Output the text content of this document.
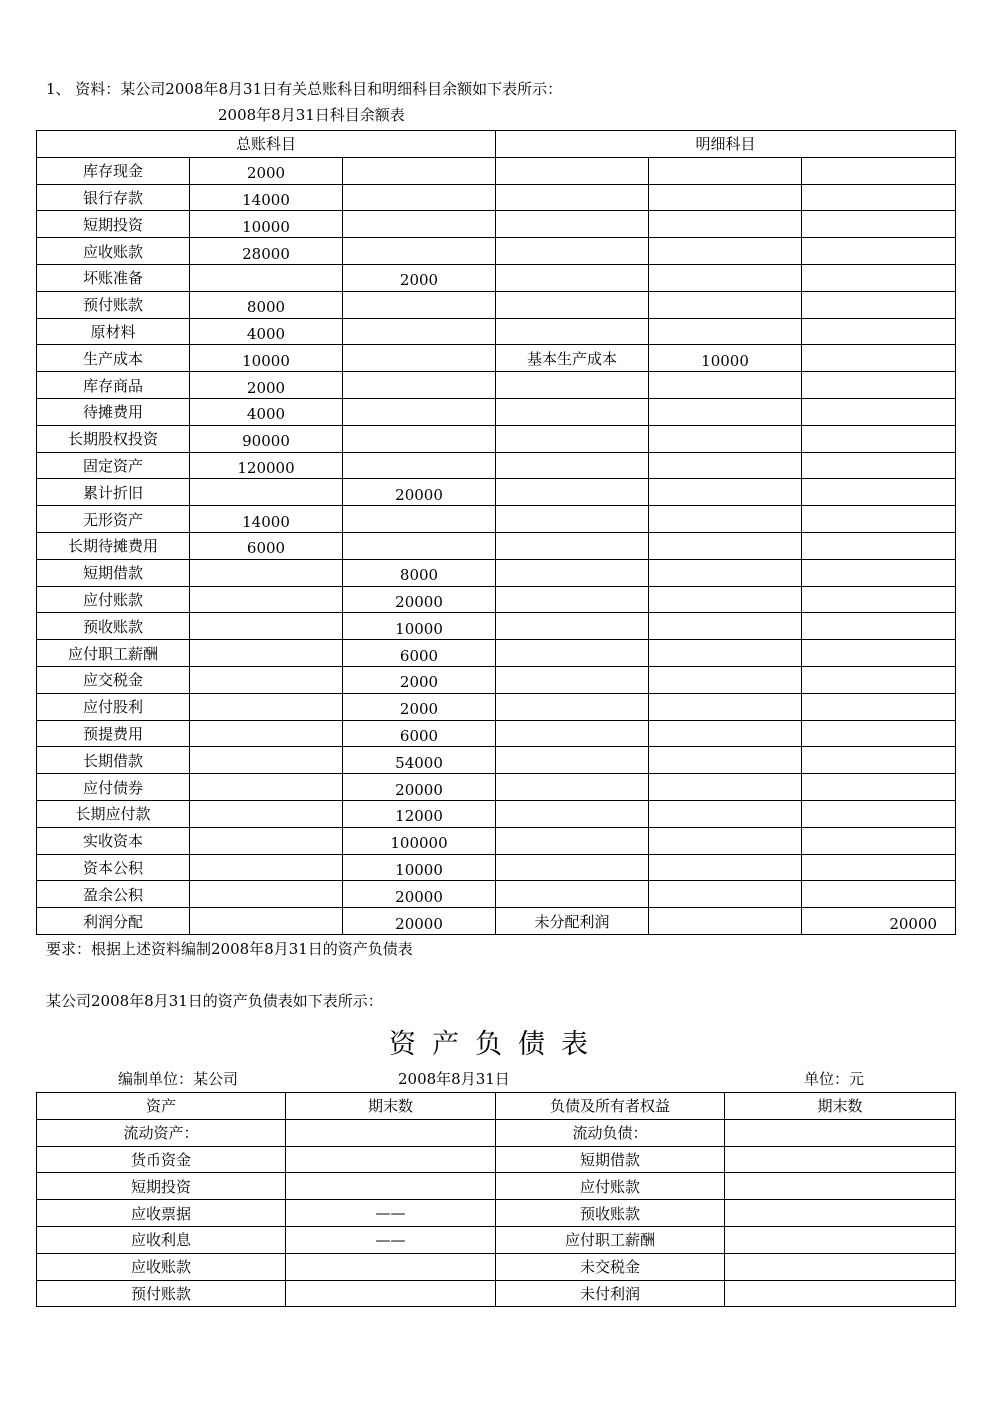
1、 资料：某公司2008年8月31日有关总账科目和明细科目余额如下表所示：
2008年8月31日科目余额表
总账科目			明细科目		
库存现金	2000				
银行存款	14000				
短期投资	10000				
应收账款	28000				
坏账准备		2000			
预付账款	8000				
原材料	4000				
生产成本	10000		基本生产成本	10000	
库存商品	2000				
待摊费用	4000				
长期股权投资	90000				
固定资产	120000				
累计折旧		20000			
无形资产	14000				
长期待摊费用	6000				
短期借款		8000			
应付账款		20000			
预收账款		10000			
应付职工薪酬		6000			
应交税金		2000			
应付股利		2000			
预提费用		6000			
长期借款		54000			
应付债券		20000			
长期应付款		12000			
实收资本		100000			
资本公积		10000			
盈余公积		20000			
利润分配		20000	未分配利润		20000
要求：根据上述资料编制2008年8月31日的资产负债表
某公司2008年8月31日的资产负债表如下表所示：
资产负债表
编制单位：某公司	2008年8月31日	单位：元
资产	期末数	负债及所有者权益	期末数
流动资产：		流动负债：	
货币资金		短期借款	
短期投资		应付账款	
应收票据	——	预收账款	
应收利息	——	应付职工薪酬	
应收账款		未交税金	
预付账款		未付利润	
